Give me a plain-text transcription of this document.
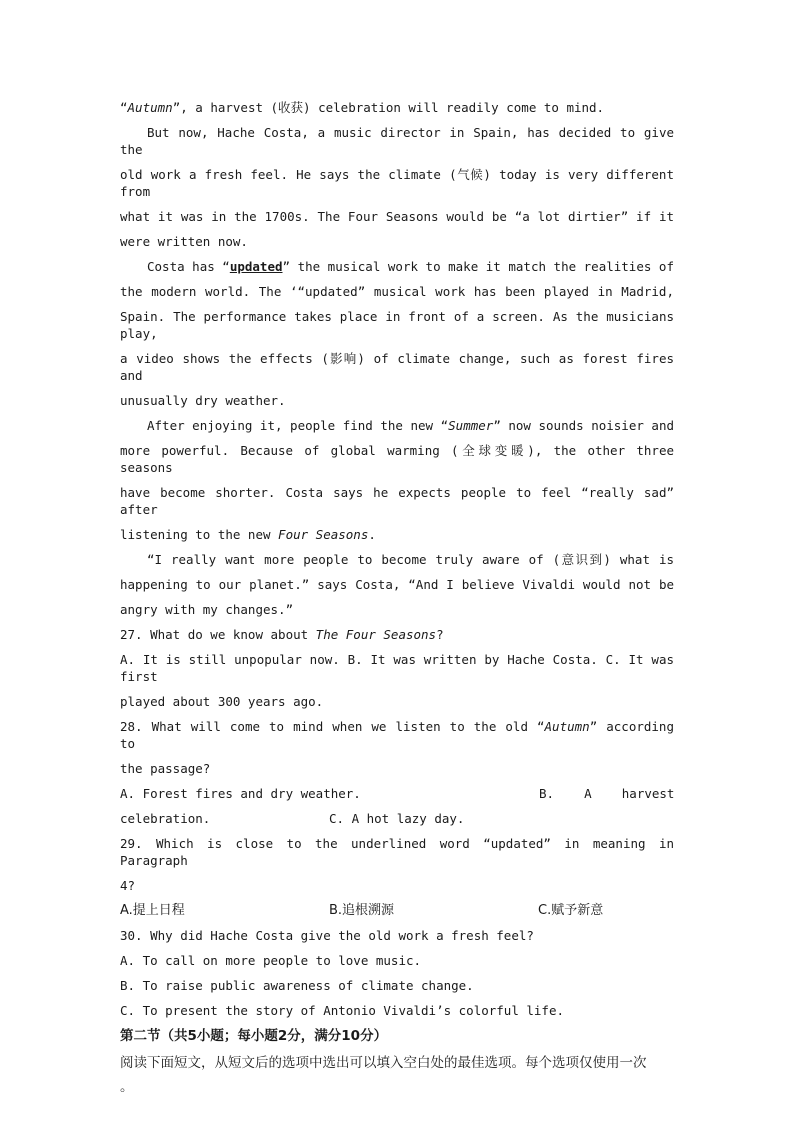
“Autumn”, a harvest (收获) celebration will readily come to mind.

But now, Hache Costa, a music director in Spain, has decided to give the

old work a fresh feel. He says the climate (气候) today is very different from

what it was in the 1700s. The Four Seasons would be “a lot dirtier” if it

were written now.

Costa has “updated” the musical work to make it match the realities of

the modern world. The ‘“updated” musical work has been played in Madrid,

Spain. The performance takes place in front of a screen. As the musicians play,

a video shows the effects (影响) of climate change, such as forest fires and

unusually dry weather.

After enjoying it, people find the new “Summer” now sounds noisier and

more powerful. Because of global warming (全球变暖), the other three seasons

have become shorter. Costa says he expects people to feel “really sad” after

listening to the new Four Seasons.

“I really want more people to become truly aware of (意识到) what is

happening to our planet.” says Costa, “And I believe Vivaldi would not be

angry with my changes.”

27. What do we know about The Four Seasons?

A. It is still unpopular now. B. It was written by Hache Costa. C. It was first

played about 300 years ago.

28. What will come to mind when we listen to the old “Autumn” according to

the passage?

A. Forest fires and dry weather.	B.    A    harvest

celebration.	C. A hot lazy day.

29. Which is close to the underlined word “updated” in meaning in Paragraph

4?

A.提上日程	B.追根溯源	C.赋予新意

30. Why did Hache Costa give the old work a fresh feel?

A. To call on more people to love music.

B. To raise public awareness of climate change.

C. To present the story of Antonio Vivaldi’s colorful life.

第二节（共5小题；每小题2分，满分10分）

阅读下面短文，从短文后的选项中选出可以填入空白处的最佳选项。每个选项仅使用一次

。
